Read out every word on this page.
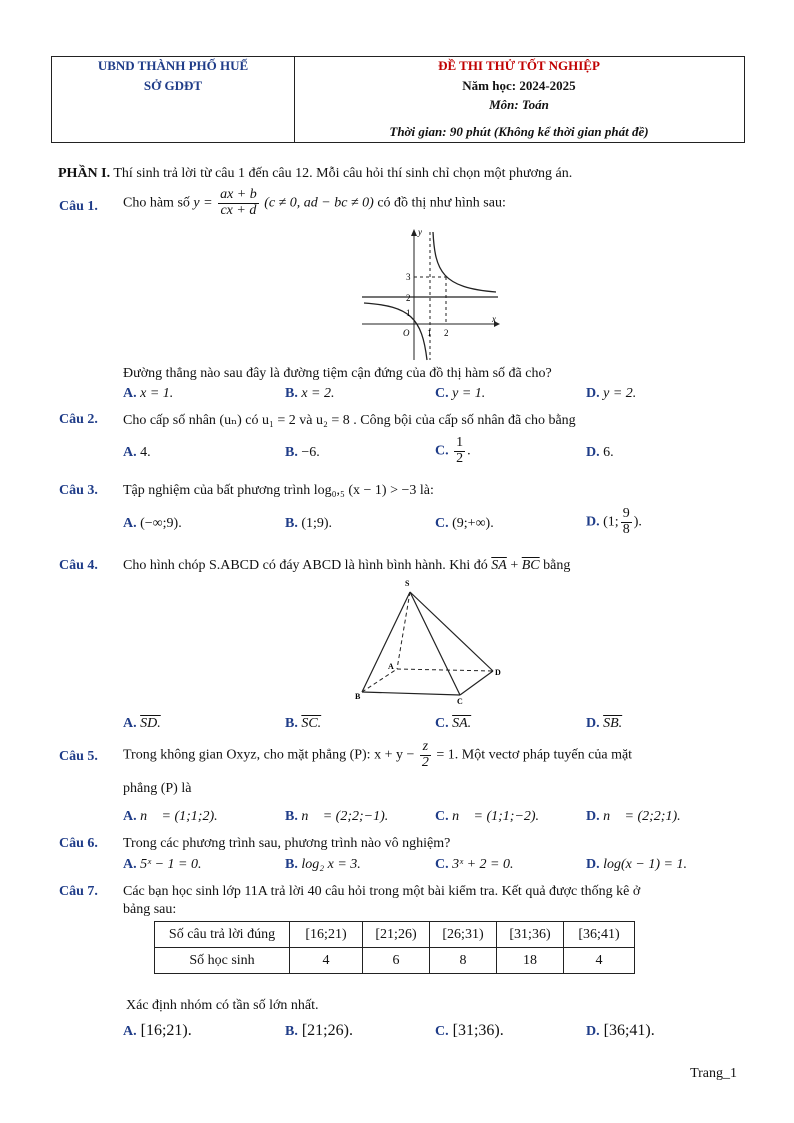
UBND THÀNH PHỐ HUẾ
SỞ GDĐT
ĐỀ THI THỬ TỐT NGHIỆP
Năm học: 2024-2025
Môn: Toán
Thời gian: 90 phút (Không kể thời gian phát đề)
PHẦN I. Thí sinh trả lời từ câu 1 đến câu 12. Mỗi câu hỏi thí sinh chỉ chọn một phương án.
Câu 1. Cho hàm số $y = \frac{ax + b}{cx + d} (c \ne 0$, ad − bc ≠ 0) có đồ thị như hình sau:
y
x
O
3
2
1
1 2
Đường thẳng nào sau đây là đường tiệm cận đứng của đồ thị hàm số đã cho?
A. x = 1.	B. x = 2.	C. y = 1.	D. y = 2.
Câu 2. Cho cấp số nhân (uₙ) có u₁ = 2 và u₂ = 8 . Công bội của cấp số nhân đã cho bằng
A. 4.	B. −6.	C. $\frac{1}{2}$ .	D. 6.
Câu 3. Tập nghiệm của bất phương trình log₀,₅ (x − 1) > −3 là:
A. (−∞;9).	B. (1;9).	C. (9;+∞).	D. (1; $\frac{9}{8}$ ).
Câu 4. Cho hình chóp S.ABCD có đáy ABCD là hình bình hành. Khi đó $\overline{SA} + \overline{BC}$ bằng
S
A
B
C
D
A. SD.	B. SC.	C. SA.	D. SB.
Câu 5. Trong không gian Oxyz, cho mặt phẳng (P): $x + y - \frac{z}{2} = 1$. Một vectơ pháp tuyến của mặt
phẳng (P) là
A. n⃗ = (1;1;2).	B. n⃗ = (2;2;−1).	C. n⃗ = (1;1;−2).	D. n⃗ = (2;2;1).
Câu 6. Trong các phương trình sau, phương trình nào vô nghiệm?
A. 5ˣ − 1 = 0.	B. log₂ x = 3.	C. 3ˣ + 2 = 0.	D. log(x − 1) = 1.
Câu 7. Các bạn học sinh lớp 11A trả lời 40 câu hỏi trong một bài kiểm tra. Kết quả được thống kê ở
bảng sau:
Số câu trả lời đúng	[16;21)	[21;26)	[26;31)	[31;36)	[36;41)
Số học sinh	4	6	8	18	4
Xác định nhóm có tần số lớn nhất.
A. [16;21).	B. [21;26).	C. [31;36).	D. [36;41).
Trang_1
